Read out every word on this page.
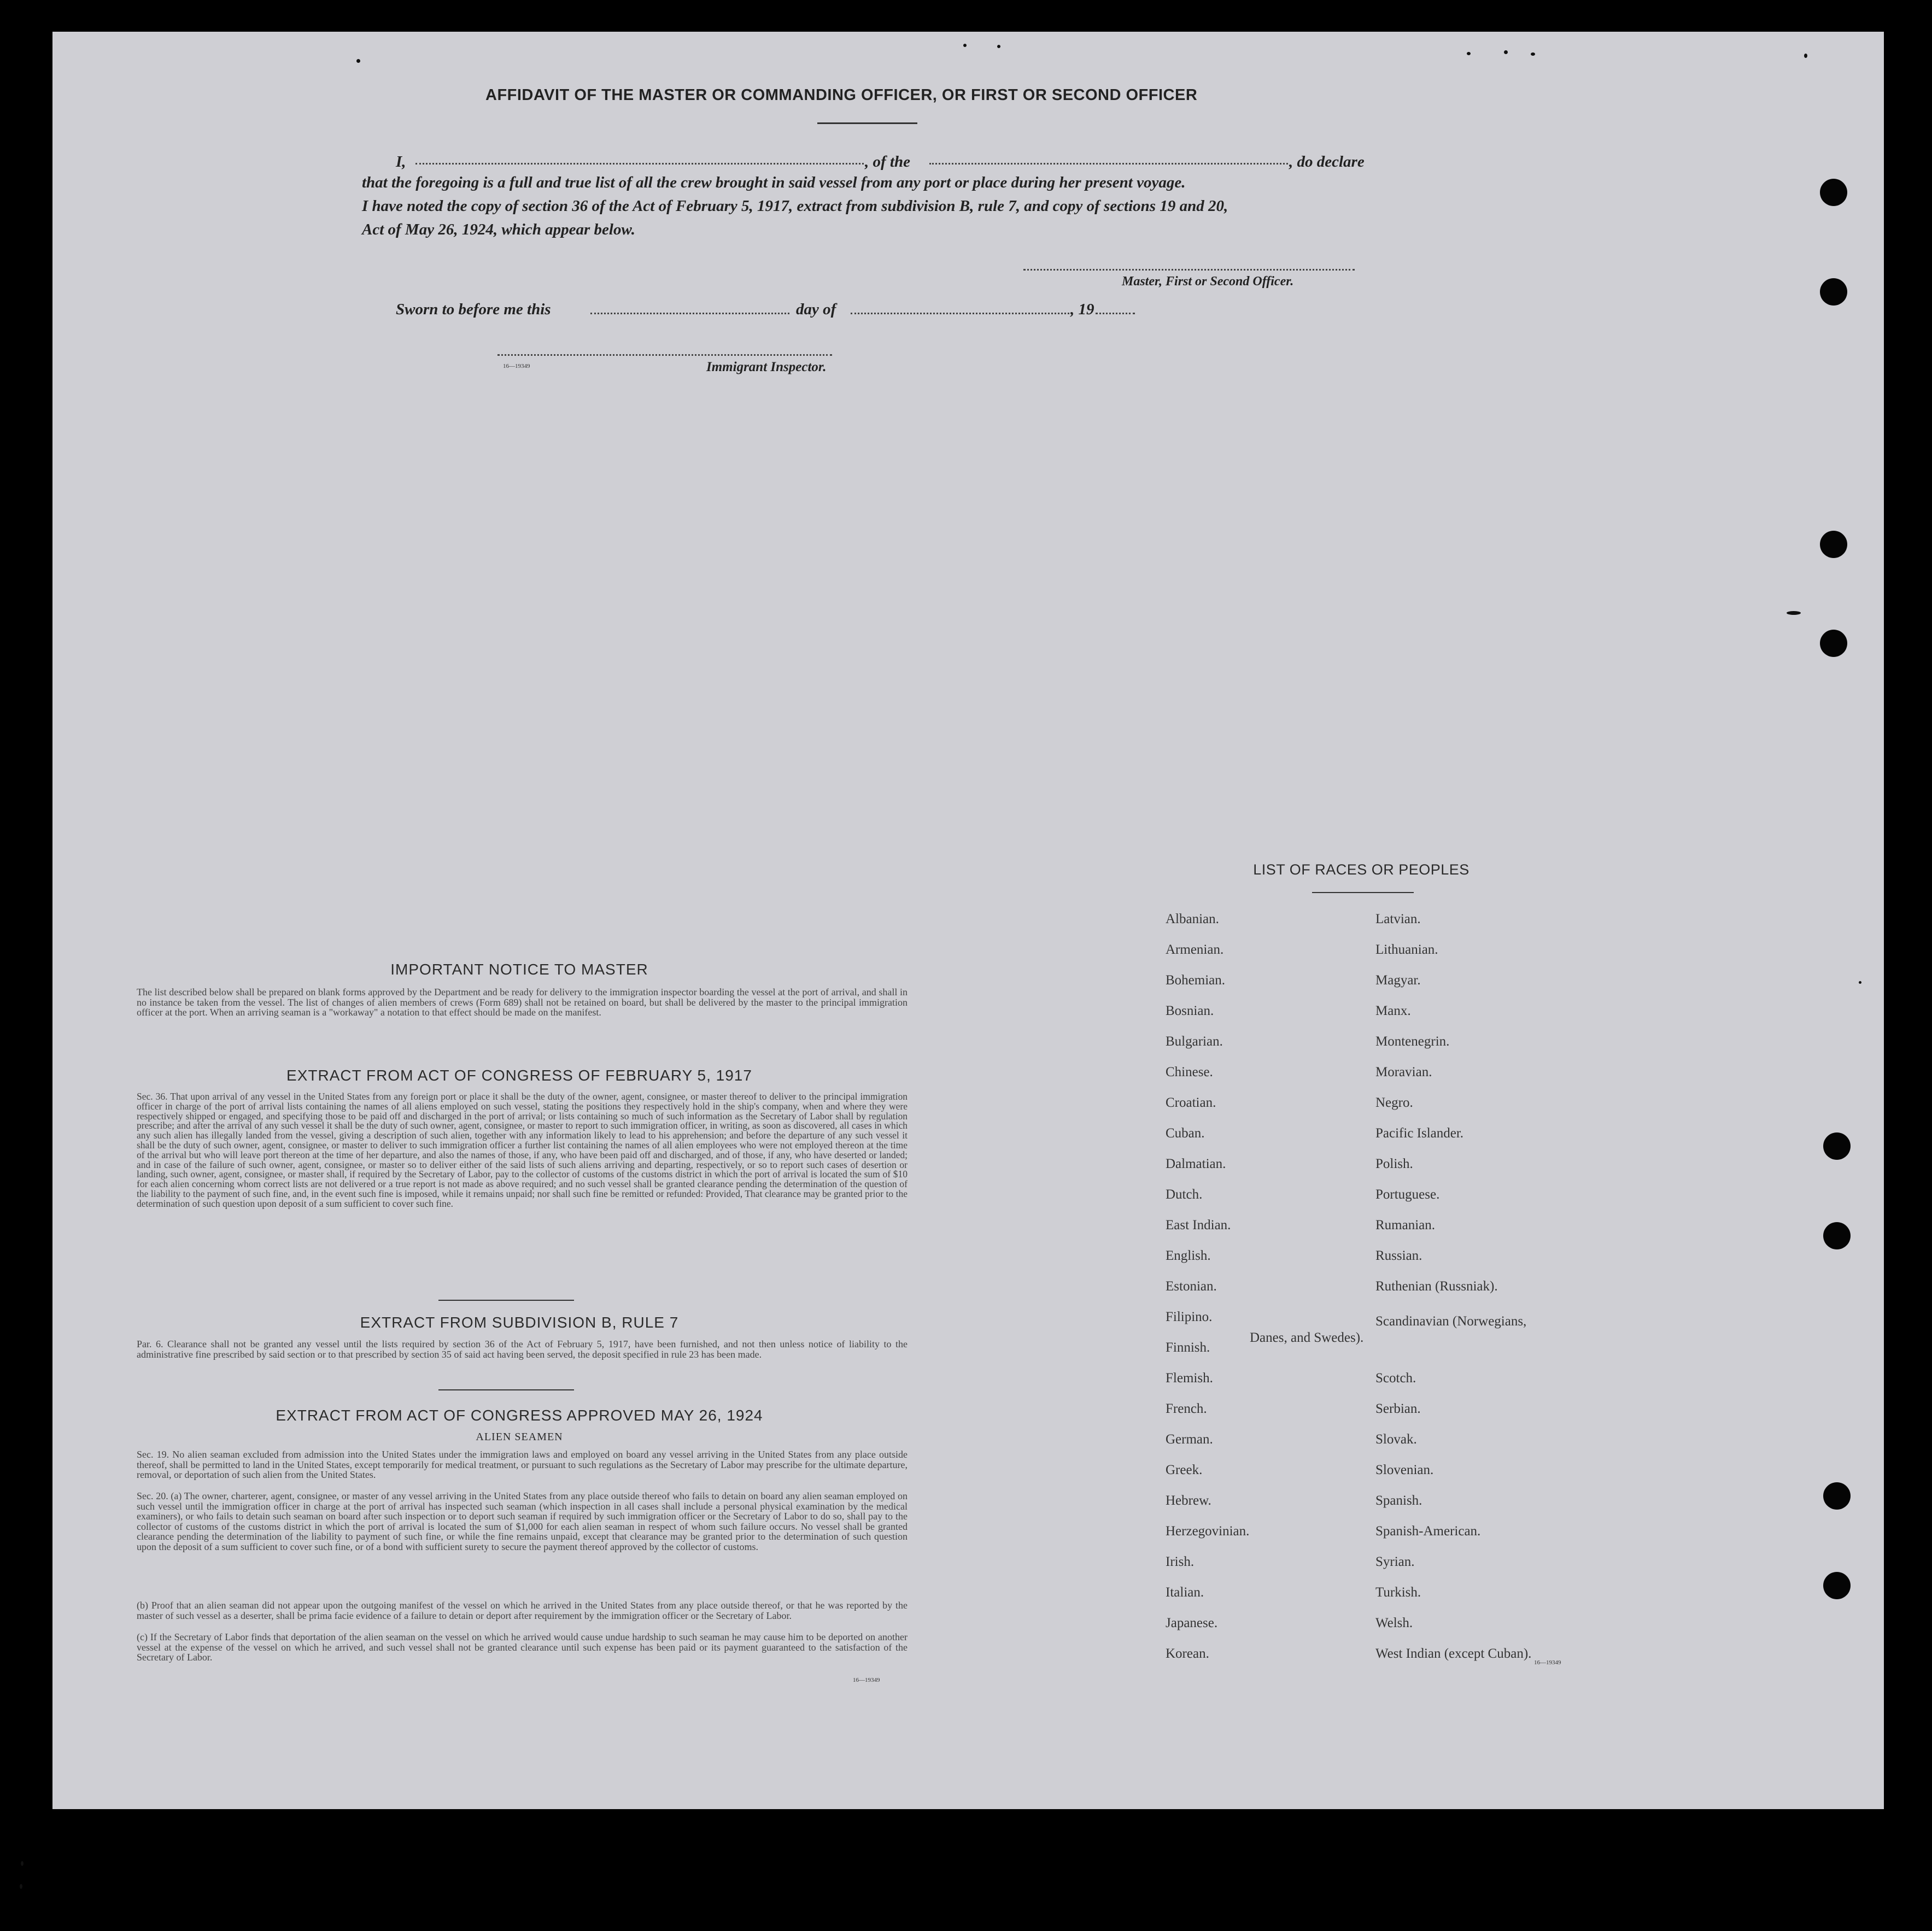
AFFIDAVIT OF THE MASTER OR COMMANDING OFFICER, OR FIRST OR SECOND OFFICER
I,	, of the	, do declare
that the foregoing is a full and true list of all the crew brought in said vessel from any port or place during her present voyage.
I have noted the copy of section 36 of the Act of February 5, 1917, extract from subdivision B, rule 7, and copy of sections 19 and 20,
Act of May 26, 1924, which appear below.
Master, First or Second Officer.
Sworn to before me this	day of	, 19
16—19349	Immigrant Inspector.
IMPORTANT NOTICE TO MASTER
The list described below shall be prepared on blank forms approved by the Department and be ready for delivery to the immigration inspector boarding the vessel at the port of arrival, and shall in no instance be taken from the vessel. The list of changes of alien members of crews (Form 689) shall not be retained on board, but shall be delivered by the master to the principal immigration officer at the port. When an arriving seaman is a "workaway" a notation to that effect should be made on the manifest.
EXTRACT FROM ACT OF CONGRESS OF FEBRUARY 5, 1917
Sec. 36. That upon arrival of any vessel in the United States from any foreign port or place it shall be the duty of the owner, agent, consignee, or master thereof to deliver to the principal immigration officer in charge of the port of arrival lists containing the names of all aliens employed on such vessel, stating the positions they respectively hold in the ship's company, when and where they were respectively shipped or engaged, and specifying those to be paid off and discharged in the port of arrival; or lists containing so much of such information as the Secretary of Labor shall by regulation prescribe; and after the arrival of any such vessel it shall be the duty of such owner, agent, consignee, or master to report to such immigration officer, in writing, as soon as discovered, all cases in which any such alien has illegally landed from the vessel, giving a description of such alien, together with any information likely to lead to his apprehension; and before the departure of any such vessel it shall be the duty of such owner, agent, consignee, or master to deliver to such immigration officer a further list containing the names of all alien employees who were not employed thereon at the time of the arrival but who will leave port thereon at the time of her departure, and also the names of those, if any, who have been paid off and discharged, and of those, if any, who have deserted or landed; and in case of the failure of such owner, agent, consignee, or master so to deliver either of the said lists of such aliens arriving and departing, respectively, or so to report such cases of desertion or landing, such owner, agent, consignee, or master shall, if required by the Secretary of Labor, pay to the collector of customs of the customs district in which the port of arrival is located the sum of $10 for each alien concerning whom correct lists are not delivered or a true report is not made as above required; and no such vessel shall be granted clearance pending the determination of the question of the liability to the payment of such fine, and, in the event such fine is imposed, while it remains unpaid; nor shall such fine be remitted or refunded: Provided, That clearance may be granted prior to the determination of such question upon deposit of a sum sufficient to cover such fine.
EXTRACT FROM SUBDIVISION B, RULE 7
Par. 6. Clearance shall not be granted any vessel until the lists required by section 36 of the Act of February 5, 1917, have been furnished, and not then unless notice of liability to the administrative fine prescribed by said section or to that prescribed by section 35 of said act having been served, the deposit specified in rule 23 has been made.
EXTRACT FROM ACT OF CONGRESS APPROVED MAY 26, 1924
ALIEN SEAMEN
Sec. 19. No alien seaman excluded from admission into the United States under the immigration laws and employed on board any vessel arriving in the United States from any place outside thereof, shall be permitted to land in the United States, except temporarily for medical treatment, or pursuant to such regulations as the Secretary of Labor may prescribe for the ultimate departure, removal, or deportation of such alien from the United States.
Sec. 20. (a) The owner, charterer, agent, consignee, or master of any vessel arriving in the United States from any place outside thereof who fails to detain on board any alien seaman employed on such vessel until the immigration officer in charge at the port of arrival has inspected such seaman (which inspection in all cases shall include a personal physical examination by the medical examiners), or who fails to detain such seaman on board after such inspection or to deport such seaman if required by such immigration officer or the Secretary of Labor to do so, shall pay to the collector of customs of the customs district in which the port of arrival is located the sum of $1,000 for each alien seaman in respect of whom such failure occurs. No vessel shall be granted clearance pending the determination of the liability to payment of such fine, or while the fine remains unpaid, except that clearance may be granted prior to the determination of such question upon the deposit of a sum sufficient to cover such fine, or of a bond with sufficient surety to secure the payment thereof approved by the collector of customs.
(b) Proof that an alien seaman did not appear upon the outgoing manifest of the vessel on which he arrived in the United States from any place outside thereof, or that he was reported by the master of such vessel as a deserter, shall be prima facie evidence of a failure to detain or deport after requirement by the immigration officer or the Secretary of Labor.
(c) If the Secretary of Labor finds that deportation of the alien seaman on the vessel on which he arrived would cause undue hardship to such seaman he may cause him to be deported on another vessel at the expense of the vessel on which he arrived, and such vessel shall not be granted clearance until such expense has been paid or its payment guaranteed to the satisfaction of the Secretary of Labor.
16—19349
LIST OF RACES OR PEOPLES
Albanian.
Armenian.
Bohemian.
Bosnian.
Bulgarian.
Chinese.
Croatian.
Cuban.
Dalmatian.
Dutch.
East Indian.
English.
Estonian.
Filipino.
Finnish.
Flemish.
French.
German.
Greek.
Hebrew.
Herzegovinian.
Irish.
Italian.
Japanese.
Korean.
Latvian.
Lithuanian.
Magyar.
Manx.
Montenegrin.
Moravian.
Negro.
Pacific Islander.
Polish.
Portuguese.
Rumanian.
Russian.
Ruthenian (Russniak).
Scandinavian (Norwegians,
Danes, and Swedes).
Scotch.
Serbian.
Slovak.
Slovenian.
Spanish.
Spanish-American.
Syrian.
Turkish.
Welsh.
West Indian (except Cuban).
16—19349
